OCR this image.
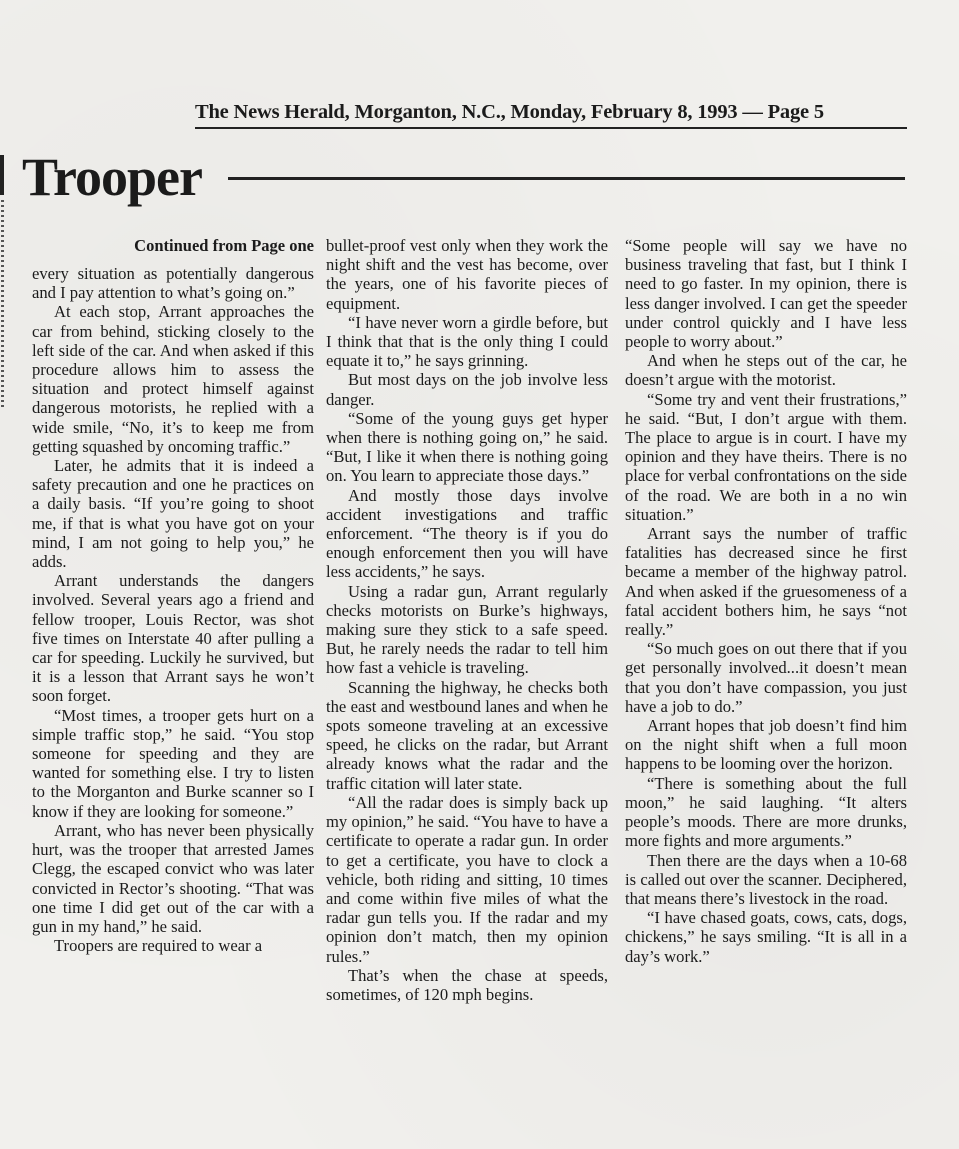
The News Herald, Morganton, N.C., Monday, February 8, 1993 — Page 5
Trooper
Continued from Page one

every situation as potentially dangerous and I pay attention to what’s going on.”

At each stop, Arrant approaches the car from behind, sticking closely to the left side of the car. And when asked if this procedure allows him to assess the situation and protect himself against dangerous motorists, he replied with a wide smile, “No, it’s to keep me from getting squashed by oncoming traffic.”

Later, he admits that it is indeed a safety precaution and one he practices on a daily basis. “If you’re going to shoot me, if that is what you have got on your mind, I am not going to help you,” he adds.

Arrant understands the dangers involved. Several years ago a friend and fellow trooper, Louis Rector, was shot five times on Interstate 40 after pulling a car for speeding. Luckily he survived, but it is a lesson that Arrant says he won’t soon forget.

“Most times, a trooper gets hurt on a simple traffic stop,” he said. “You stop someone for speeding and they are wanted for something else. I try to listen to the Morganton and Burke scanner so I know if they are looking for someone.”

Arrant, who has never been physically hurt, was the trooper that arrested James Clegg, the escaped convict who was later convicted in Rector’s shooting. “That was one time I did get out of the car with a gun in my hand,” he said.

Troopers are required to wear a

bullet-proof vest only when they work the night shift and the vest has become, over the years, one of his favorite pieces of equipment.

“I have never worn a girdle before, but I think that that is the only thing I could equate it to,” he says grinning.

But most days on the job involve less danger.

“Some of the young guys get hyper when there is nothing going on,” he said. “But, I like it when there is nothing going on. You learn to appreciate those days.”

And mostly those days involve accident investigations and traffic enforcement. “The theory is if you do enough enforcement then you will have less accidents,” he says.

Using a radar gun, Arrant regularly checks motorists on Burke’s highways, making sure they stick to a safe speed. But, he rarely needs the radar to tell him how fast a vehicle is traveling.

Scanning the highway, he checks both the east and westbound lanes and when he spots someone traveling at an excessive speed, he clicks on the radar, but Arrant already knows what the radar and the traffic citation will later state.

“All the radar does is simply back up my opinion,” he said. “You have to have a certificate to operate a radar gun. In order to get a certificate, you have to clock a vehicle, both riding and sitting, 10 times and come within five miles of what the radar gun tells you. If the radar and my opinion don’t match, then my opinion rules.”

That’s when the chase at speeds, sometimes, of 120 mph begins.

“Some people will say we have no business traveling that fast, but I think I need to go faster. In my opinion, there is less danger involved. I can get the speeder under control quickly and I have less people to worry about.”

And when he steps out of the car, he doesn’t argue with the motorist.

“Some try and vent their frustrations,” he said. “But, I don’t argue with them. The place to argue is in court. I have my opinion and they have theirs. There is no place for verbal confrontations on the side of the road. We are both in a no win situation.”

Arrant says the number of traffic fatalities has decreased since he first became a member of the highway patrol. And when asked if the gruesomeness of a fatal accident bothers him, he says “not really.”

“So much goes on out there that if you get personally involved...it doesn’t mean that you don’t have compassion, you just have a job to do.”

Arrant hopes that job doesn’t find him on the night shift when a full moon happens to be looming over the horizon.

“There is something about the full moon,” he said laughing. “It alters people’s moods. There are more drunks, more fights and more arguments.”

Then there are the days when a 10-68 is called out over the scanner. Deciphered, that means there’s livestock in the road.

“I have chased goats, cows, cats, dogs, chickens,” he says smiling. “It is all in a day’s work.”
